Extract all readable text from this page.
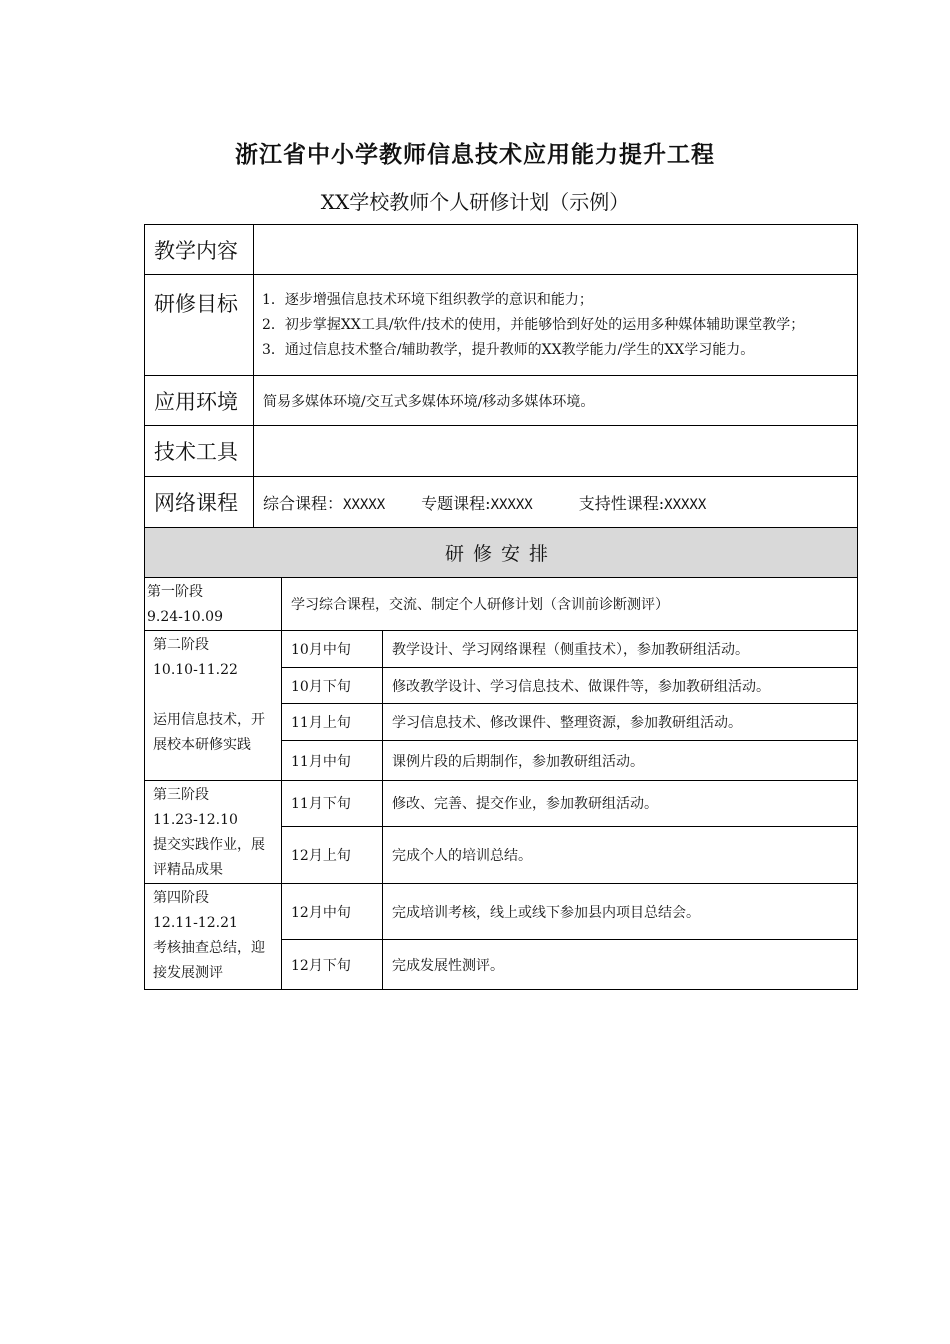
浙江省中小学教师信息技术应用能力提升工程
XX学校教师个人研修计划（示例）
教学内容	
研修目标	1．逐步增强信息技术环境下组织教学的意识和能力；
2．初步掌握XX工具/软件/技术的使用，并能够恰到好处的运用多种媒体辅助课堂教学；
3．通过信息技术整合/辅助教学，提升教师的XX教学能力/学生的XX学习能力。

应用环境	简易多媒体环境/交互式多媒体环境/移动多媒体环境。
技术工具	
网络课程	综合课程：XXXXX 专题课程:XXXXX 支持性课程:XXXXX
研修安排	
第一阶段
9.24-10.09	学习综合课程，交流、制定个人研修计划（含训前诊断测评）	

第二阶段
10.10-11.22
运用信息技术，开展校本研修实践	10月中旬	教学设计、学习网络课程（侧重技术），参加教研组活动。
	10月下旬	修改教学设计、学习信息技术、做课件等，参加教研组活动。
	11月上旬	学习信息技术、修改课件、整理资源，参加教研组活动。
	11月中旬	课例片段的后期制作，参加教研组活动。

第三阶段
11.23-12.10
提交实践作业，展评精品成果	11月下旬	修改、完善、提交作业，参加教研组活动。
	12月上旬	完成个人的培训总结。

第四阶段
12.11-12.21
考核抽查总结，迎接发展测评	12月中旬	完成培训考核，线上或线下参加县内项目总结会。
	12月下旬	完成发展性测评。
